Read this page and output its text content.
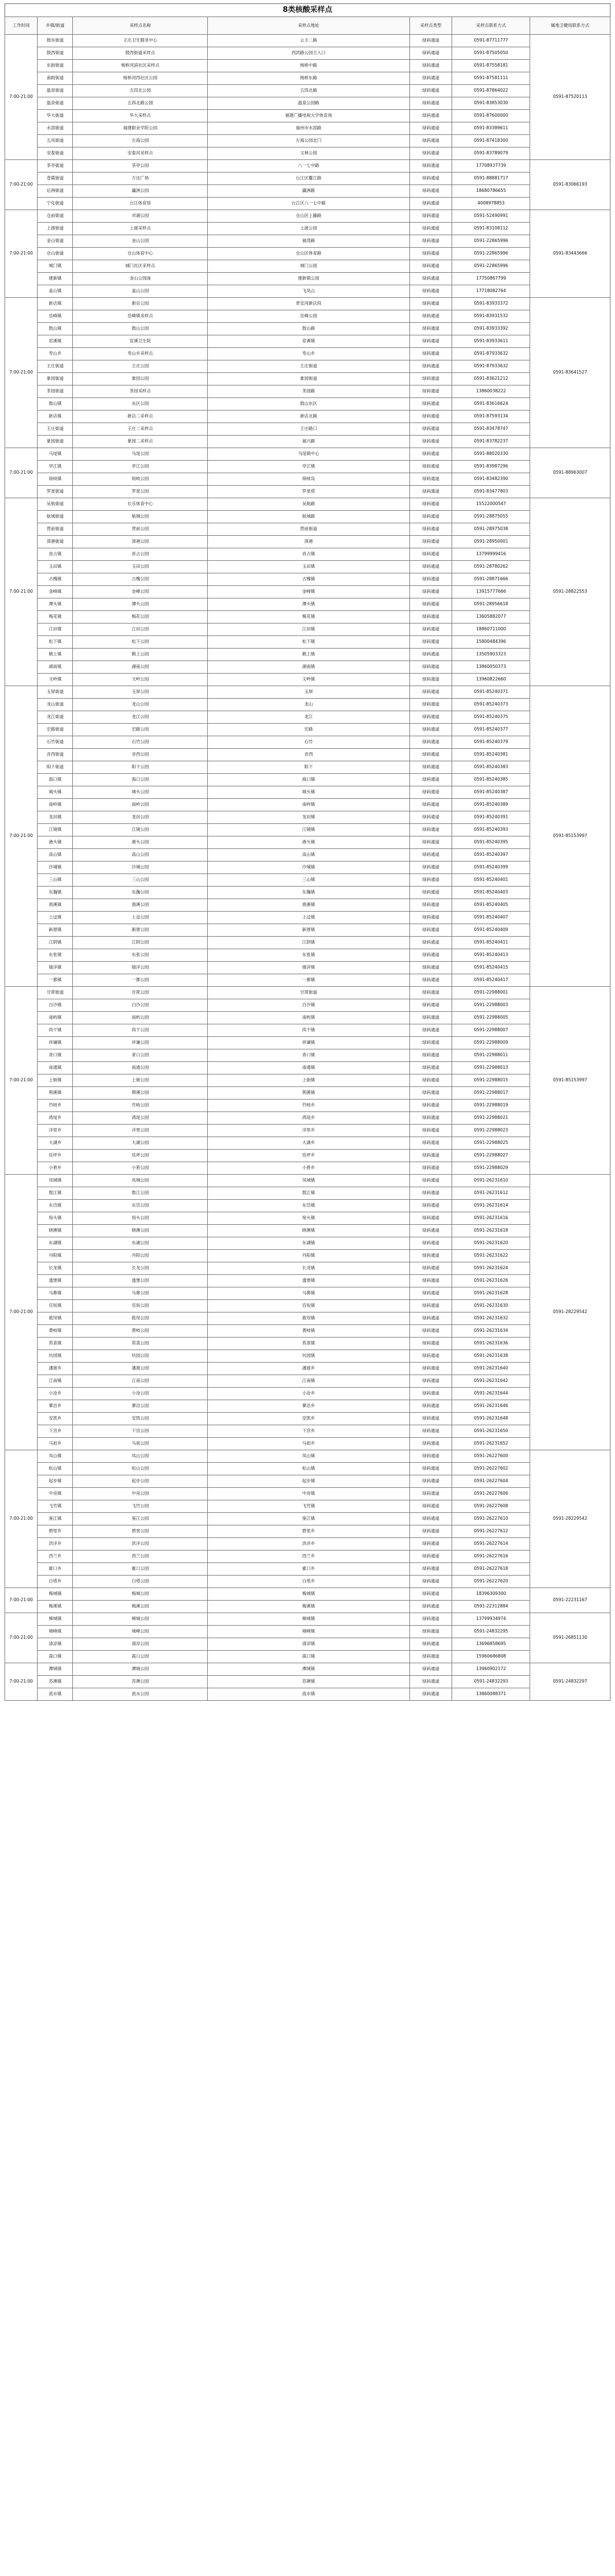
8类核酸采样点
工作时间	乡镇/街道	采样点名称	采样点地址	采样点类型	采样点联系方式	属地卫健局联系方式
7:00-21:00	鼓东街道	王庄卫生服务中心	公主二路	绿码通道	0591-87711777	0591-87520113
	鼓西街道	鼓西街道采样点	西洪路公园主入口	绿码通道	0591-87505050	
	东街街道	杨桥河滨社区采样点	杨桥中路	绿码通道	0591-87558181	
	南街街道	杨桥河西社区公园	杨桥东路	绿码通道	0591-87581111	
	温泉街道	五四北公园	五四北路	绿码通道	0591-87864022	
	温泉街道	五四北路公园	温泉公园路	绿码通道	0591-83853030	
	华大街道	华大采样点	福建广播电视大学体育场	绿码通道	0591-87600000	
	水部街道	福建职业学院公园	福州市水部路	绿码通道	0591-83389611	
	五凤街道	左海公园	左海公园北门	绿码通道	0591-87418300	
	安泰街道	安泰河采样点	文林公园	绿码通道	0591-83789079	
7:00-21:00	茶亭街道	茶亭公园	八一七中路	绿码通道	17708937739	0591-83066193
	苍霞街道	万达广场	台江区鳌江路	绿码通道	0591-88881717	
	后洲街道	瀛洲公园	瀛洲路	绿码通道	18680786655	
	宁化街道	台江体育馆	台江区八一七中路	绿码通道	4008978853	
7:00-21:00	仓前街道	对湖公园	仓山区上藤路	绿码通道	0591-52490991	0591-83443666
	上渡街道	上渡采样点	上渡公园	绿码通道	0591-83108112	
	金山街道	金山公园	福湾路	绿码通道	0591-22865996	
	仓山街道	仓山体育中心	仓山区体育路	绿码通道	0591-22865996	
	城门镇	城门社区采样点	城门公园	绿码通道	0591-22865996	
	建新镇	金山公园南	建新镇公园	绿码通道	17750867799	
	盖山镇	盖山公园	飞凤山	绿码通道	17718082764	
7:00-21:00	新店镇	新店公园	晋安河新店段	绿码通道	0591-83933372	0591-83641527
	岳峰镇	岳峰镇采样点	岳峰公园	绿码通道	0591-83931532	
	鼓山镇	鼓山公园	鼓山路	绿码通道	0591-83933392	
	宦溪镇	宦溪卫生院	宦溪镇	绿码通道	0591-83933611	
	寿山乡	寿山乡采样点	寿山乡	绿码通道	0591-87933632	
	王庄街道	王庄公园	王庄街道	绿码通道	0591-87933632	
	象园街道	象园公园	象园街道	绿码通道	0591-83621212	
	茶园街道	茶园采样点	茶园路	绿码通道	13860038222	
	鼓山镇	东区公园	鼓山东区	绿码通道	0591-83616624	
	新店镇	新店二采样点	新店北路	绿码通道	0591-87593134	
	王庄街道	王庄二采样点	王庄路口	绿码通道	0591-83478747	
	象园街道	象园二采样点	福兴路	绿码通道	0591-83782237	
7:00-21:00	马尾镇	马尾公园	马尾镇中心	绿码通道	0591-88020330	0591-88963007
	亭江镇	亭江公园	亭江镇	绿码通道	0591-83987296	
	琅岐镇	琅岐公园	琅岐岛	绿码通道	0591-83482390	
	罗星街道	罗星公园	罗星塔	绿码通道	0591-83477803	
7:00-21:00	吴航街道	长乐体育中心	吴航路	绿码通道	15522000547	0591-28822553
	航城街道	航城公园	航城路	绿码通道	0591-28875055	
	营前街道	营前公园	营前街道	绿码通道	0591-28975038	
	漳港街道	漳港公园	漳港	绿码通道	0591-28950001	
	首占镇	首占公园	首占镇	绿码通道	13799999416	
	玉田镇	玉田公园	玉田镇	绿码通道	0591-28780262	
	古槐镇	古槐公园	古槐镇	绿码通道	0591-28871666	
	金峰镇	金峰公园	金峰镇	绿码通道	13915777666	
	潭头镇	潭头公园	潭头镇	绿码通道	0591-28956618	
	梅花镇	梅花公园	梅花镇	绿码通道	13605882077	
	江田镇	江田公园	江田镇	绿码通道	18860711000	
	松下镇	松下公园	松下镇	绿码通道	15800484396	
	鹤上镇	鹤上公园	鹤上镇	绿码通道	13505903323	
	湖南镇	湖南公园	湖南镇	绿码通道	13860050373	
	文岭镇	文岭公园	文岭镇	绿码通道	13960822660	
7:00-21:00	玉屏街道	玉屏公园	玉屏	绿码通道	0591-85240371	0591-85153997
	龙山街道	龙山公园	龙山	绿码通道	0591-85240373	
	龙江街道	龙江公园	龙江	绿码通道	0591-85240375	
	宏路街道	宏路公园	宏路	绿码通道	0591-85240377	
	石竹街道	石竹公园	石竹	绿码通道	0591-85240379	
	音西街道	音西公园	音西	绿码通道	0591-85240381	
	阳下街道	阳下公园	阳下	绿码通道	0591-85240383	
	海口镇	海口公园	海口镇	绿码通道	0591-85240385	
	城头镇	城头公园	城头镇	绿码通道	0591-85240387	
	南岭镇	南岭公园	南岭镇	绿码通道	0591-85240389	
	龙田镇	龙田公园	龙田镇	绿码通道	0591-85240391	
	江镜镇	江镜公园	江镜镇	绿码通道	0591-85240393	
	港头镇	港头公园	港头镇	绿码通道	0591-85240395	
	高山镇	高山公园	高山镇	绿码通道	0591-85240397	
	沙埔镇	沙埔公园	沙埔镇	绿码通道	0591-85240399	
	三山镇	三山公园	三山镇	绿码通道	0591-85240401	
	东瀚镇	东瀚公园	东瀚镇	绿码通道	0591-85240403	
	渔溪镇	渔溪公园	渔溪镇	绿码通道	0591-85240405	
	上迳镇	上迳公园	上迳镇	绿码通道	0591-85240407	
	新厝镇	新厝公园	新厝镇	绿码通道	0591-85240409	
	江阴镇	江阴公园	江阴镇	绿码通道	0591-85240411	
	东张镇	东张公园	东张镇	绿码通道	0591-85240413	
	镜洋镇	镜洋公园	镜洋镇	绿码通道	0591-85240415	
	一都镇	一都公园	一都镇	绿码通道	0591-85240417	
7:00-21:00	甘蔗街道	甘蔗公园	甘蔗街道	绿码通道	0591-22988001	0591-85153997
	白沙镇	白沙公园	白沙镇	绿码通道	0591-22988003	
	南屿镇	南屿公园	南屿镇	绿码通道	0591-22988005	
	尚干镇	尚干公园	尚干镇	绿码通道	0591-22988007	
	祥谦镇	祥谦公园	祥谦镇	绿码通道	0591-22988009	
	青口镇	青口公园	青口镇	绿码通道	0591-22988011	
	南通镇	南通公园	南通镇	绿码通道	0591-22988013	
	上街镇	上街公园	上街镇	绿码通道	0591-22988015	
	荆溪镇	荆溪公园	荆溪镇	绿码通道	0591-22988017	
	竹岐乡	竹岐公园	竹岐乡	绿码通道	0591-22988019	
	鸿尾乡	鸿尾公园	鸿尾乡	绿码通道	0591-22988021	
	洋里乡	洋里公园	洋里乡	绿码通道	0591-22988023	
	大湖乡	大湖公园	大湖乡	绿码通道	0591-22988025	
	廷坪乡	廷坪公园	廷坪乡	绿码通道	0591-22988027	
	小箬乡	小箬公园	小箬乡	绿码通道	0591-22988029	
7:00-21:00	凤城镇	凤城公园	凤城镇	绿码通道	0591-26231610	0591-28229542
	敖江镇	敖江公园	敖江镇	绿码通道	0591-26231612	
	东岱镇	东岱公园	东岱镇	绿码通道	0591-26231614	
	琯头镇	琯头公园	琯头镇	绿码通道	0591-26231616	
	晓澳镇	晓澳公园	晓澳镇	绿码通道	0591-26231618	
	东湖镇	东湖公园	东湖镇	绿码通道	0591-26231620	
	丹阳镇	丹阳公园	丹阳镇	绿码通道	0591-26231622	
	长龙镇	长龙公园	长龙镇	绿码通道	0591-26231624	
	透堡镇	透堡公园	透堡镇	绿码通道	0591-26231626	
	马鼻镇	马鼻公园	马鼻镇	绿码通道	0591-26231628	
	官坂镇	官坂公园	官坂镇	绿码通道	0591-26231630	
	筱埕镇	筱埕公园	筱埕镇	绿码通道	0591-26231632	
	黄岐镇	黄岐公园	黄岐镇	绿码通道	0591-26231634	
	苔菉镇	苔菉公园	苔菉镇	绿码通道	0591-26231636	
	坑园镇	坑园公园	坑园镇	绿码通道	0591-26231638	
	潘渡乡	潘渡公园	潘渡乡	绿码通道	0591-26231640	
	江南镇	江南公园	江南镇	绿码通道	0591-26231642	
	小沧乡	小沧公园	小沧乡	绿码通道	0591-26231644	
	蓼沿乡	蓼沿公园	蓼沿乡	绿码通道	0591-26231646	
	安凯乡	安凯公园	安凯乡	绿码通道	0591-26231648	
	下宫乡	下宫公园	下宫乡	绿码通道	0591-26231650	
	马祖乡	马祖公园	马祖乡	绿码通道	0591-26231652	
7:00-21:00	凤山镇	凤山公园	凤山镇	绿码通道	0591-26227600	0591-28229542
	松山镇	松山公园	松山镇	绿码通道	0591-26227602	
	起步镇	起步公园	起步镇	绿码通道	0591-26227604	
	中房镇	中房公园	中房镇	绿码通道	0591-26227606	
	飞竹镇	飞竹公园	飞竹镇	绿码通道	0591-26227608	
	鉴江镇	鉴江公园	鉴江镇	绿码通道	0591-26227610	
	碧里乡	碧里公园	碧里乡	绿码通道	0591-26227612	
	洪洋乡	洪洋公园	洪洋乡	绿码通道	0591-26227614	
	西兰乡	西兰公园	西兰乡	绿码通道	0591-26227616	
	霍口乡	霍口公园	霍口乡	绿码通道	0591-26227618	
	白塔乡	白塔公园	白塔乡	绿码通道	0591-26227620	
7:00-21:00	梅城镇	梅城公园	梅城镇	绿码通道	18396309300	0591-22231167
	梅溪镇	梅溪公园	梅溪镇	绿码通道	0591-22312884	
7:00-21:00	樟城镇	樟城公园	樟城镇	绿码通道	13799934974	0591-26851130
	城峰镇	城峰公园	城峰镇	绿码通道	0591-24832295	
	清凉镇	清凉公园	清凉镇	绿码通道	13696858695	
	嵩口镇	嵩口公园	嵩口镇	绿码通道	15960686808	
7:00-21:00	潭城镇	潭城公园	潭城镇	绿码通道	13960902172	0591-24832297
	苏澳镇	苏澳公园	苏澳镇	绿码通道	0591-24832293	
	流水镇	流水公园	流水镇	绿码通道	13860088371	
